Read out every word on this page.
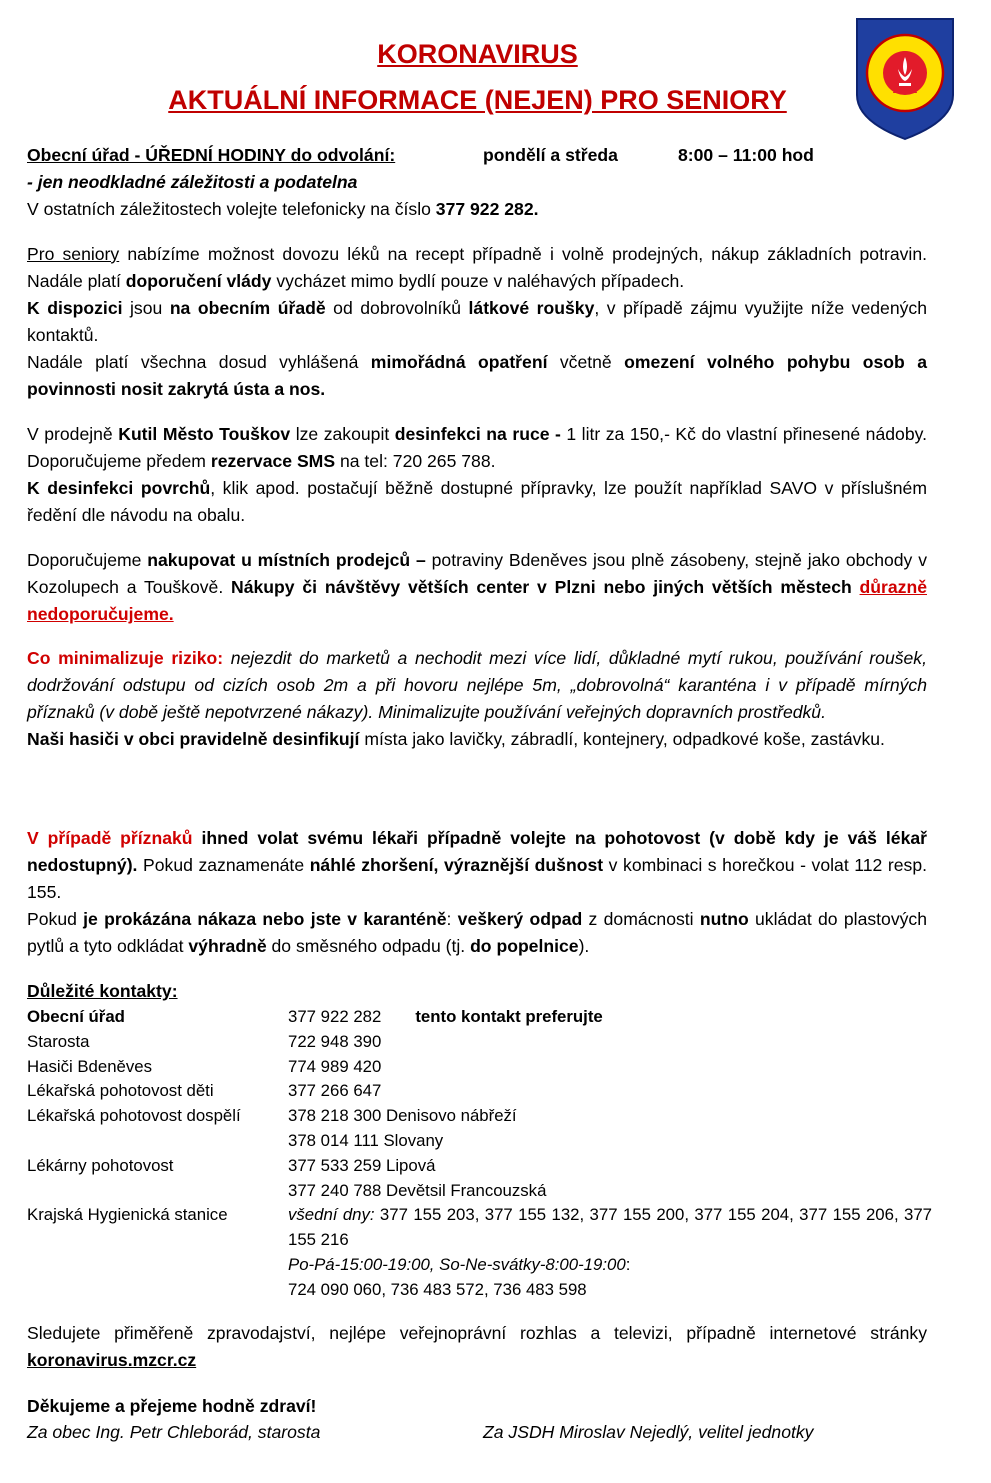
KORONAVIRUS
AKTUÁLNÍ INFORMACE (NEJEN) PRO SENIORY
Obecní úřad - ÚŘEDNÍ HODINY do odvolání:	pondělí a středa	8:00 – 11:00 hod
- jen neodkladné záležitosti a podatelna
V ostatních záležitostech volejte telefonicky na číslo 377 922 282.
Pro seniory nabízíme možnost dovozu léků na recept případně i volně prodejných, nákup základních potravin. Nadále platí doporučení vlády vycházet mimo bydlí pouze v naléhavých případech.
K dispozici jsou na obecním úřadě od dobrovolníků látkové roušky, v případě zájmu využijte níže vedených kontaktů.
Nadále platí všechna dosud vyhlášená mimořádná opatření včetně omezení volného pohybu osob a povinnosti nosit zakrytá ústa a nos.
V prodejně Kutil Město Touškov lze zakoupit desinfekci na ruce - 1 litr za 150,- Kč do vlastní přinesené nádoby. Doporučujeme předem rezervace SMS na tel: 720 265 788.
K desinfekci povrchů, klik apod. postačují běžně dostupné přípravky, lze použít například SAVO v příslušném ředění dle návodu na obalu.
Doporučujeme nakupovat u místních prodejců – potraviny Bdeněves jsou plně zásobeny, stejně jako obchody v Kozolupech a Touškově. Nákupy či návštěvy větších center v Plzni nebo jiných větších městech důrazně nedoporučujeme.
Co minimalizuje riziko: nejezdit do marketů a nechodit mezi více lidí, důkladné mytí rukou, používání roušek, dodržování odstupu od cizích osob 2m a při hovoru nejlépe 5m, „dobrovolná“ karanténa i v případě mírných příznaků (v době ještě nepotvrzené nákazy). Minimalizujte používání veřejných dopravních prostředků.
Naši hasiči v obci pravidelně desinfikují místa jako lavičky, zábradlí, kontejnery, odpadkové koše, zastávku.
V případě příznaků ihned volat svému lékaři případně volejte na pohotovost (v době kdy je váš lékař nedostupný). Pokud zaznamenáte náhlé zhoršení, výraznější dušnost v kombinaci s horečkou - volat 112 resp. 155.
Pokud je prokázána nákaza nebo jste v karanténě: veškerý odpad z domácnosti nutno ukládat do plastových pytlů a tyto odkládat výhradně do směsného odpadu (tj. do popelnice).
Důležité kontakty:
Obecní úřad	377 922 282 tento kontakt preferujte
Starosta	722 948 390
Hasiči Bdeněves	774 989 420
Lékařská pohotovost děti	377 266 647
Lékařská pohotovost dospělí	378 218 300 Denisovo nábřeží
378 014 111 Slovany
Lékárny pohotovost	377 533 259 Lipová
377 240 788 Devětsil Francouzská
Krajská Hygienická stanice	všední dny: 377 155 203, 377 155 132, 377 155 200, 377 155 204, 377 155 206, 377 155 216
Po-Pá-15:00-19:00, So-Ne-svátky-8:00-19:00:
724 090 060, 736 483 572, 736 483 598
Sledujete přiměřeně zpravodajství, nejlépe veřejnoprávní rozhlas a televizi, případně internetové stránky koronavirus.mzcr.cz
Děkujeme a přejeme hodně zdraví!
Za obec Ing. Petr Chleborád, starosta	Za JSDH Miroslav Nejedlý, velitel jednotky
